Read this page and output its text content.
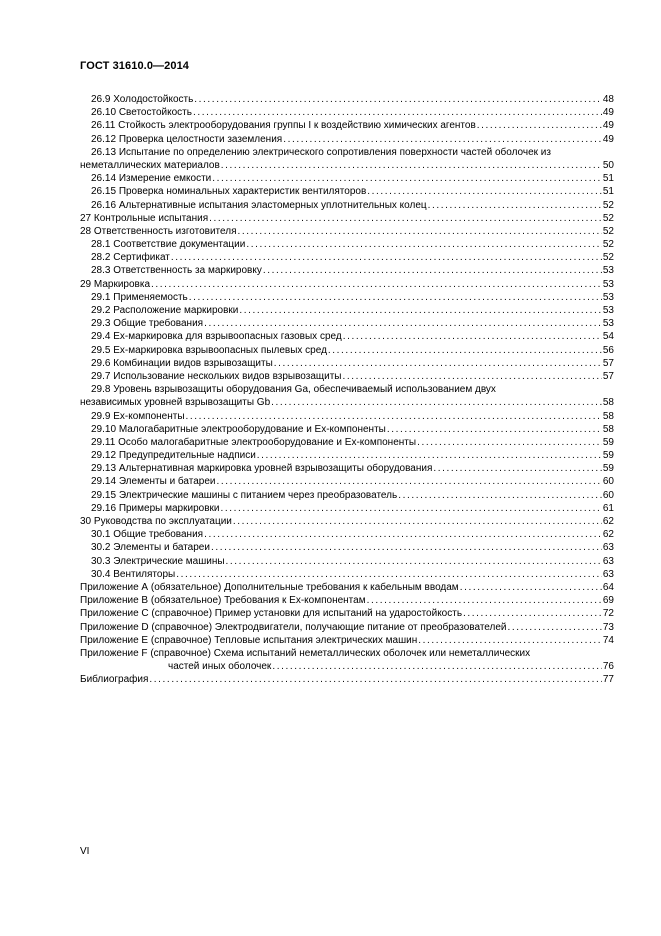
ГОСТ 31610.0—2014
26.9 Холодостойкость .....	48
26.10 Светостойкость .....	49
26.11 Стойкость электрооборудования группы I к воздействию химических агентов .....	49
26.12 Проверка целостности заземления .....	49
26.13 Испытание по определению электрического сопротивления поверхности частей оболочек из
неметаллических материалов .....	50
26.14 Измерение емкости .....	51
26.15 Проверка номинальных характеристик вентиляторов .....	51
26.16 Альтернативные испытания эластомерных уплотнительных колец .....	52
27 Контрольные испытания .....	52
28 Ответственность изготовителя .....	52
28.1 Соответствие документации .....	52
28.2 Сертификат .....	52
28.3 Ответственность за маркировку .....	53
29 Маркировка .....	53
29.1 Применяемость .....	53
29.2 Расположение маркировки .....	53
29.3 Общие требования .....	53
29.4 Ex-маркировка для взрывоопасных газовых сред .....	54
29.5 Ex-маркировка взрывоопасных пылевых сред .....	56
29.6 Комбинации видов взрывозащиты .....	57
29.7 Использование нескольких видов взрывозащиты .....	57
29.8 Уровень взрывозащиты оборудования Ga, обеспечиваемый использованием двух
независимых уровней взрывозащиты Gb .....	58
29.9 Ex-компоненты .....	58
29.10 Малогабаритные электрооборудование и Ex-компоненты .....	58
29.11 Особо малогабаритные электрооборудование и Ex-компоненты .....	59
29.12 Предупредительные надписи .....	59
29.13 Альтернативная маркировка уровней взрывозащиты оборудования .....	59
29.14 Элементы и батареи .....	60
29.15 Электрические машины с питанием через преобразователь .....	60
29.16 Примеры маркировки .....	61
30 Руководства по эксплуатации .....	62
30.1 Общие требования .....	62
30.2 Элементы и батареи .....	63
30.3 Электрические машины .....	63
30.4 Вентиляторы .....	63
Приложение А (обязательное) Дополнительные требования к кабельным вводам .....	64
Приложение В (обязательное) Требования к Ex-компонентам .....	69
Приложение С (справочное) Пример установки для испытаний на ударостойкость .....	72
Приложение D (справочное) Электродвигатели, получающие питание от преобразователей .....	73
Приложение E (справочное) Тепловые испытания электрических машин .....	74
Приложение F (справочное) Схема испытаний неметаллических оболочек или неметаллических
частей иных оболочек .....	76
Библиография .....	77
VI
